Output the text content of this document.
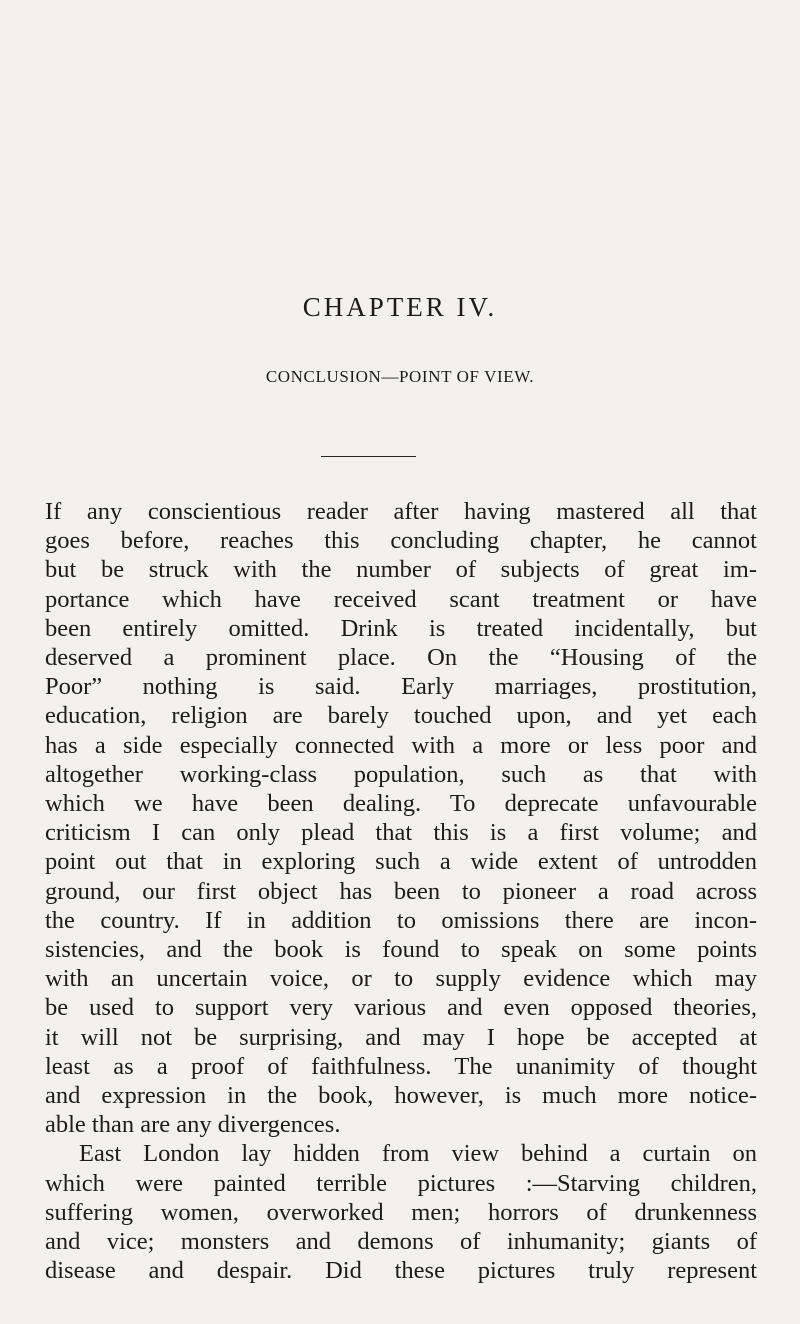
CHAPTER IV.
CONCLUSION—POINT OF VIEW.
If any conscientious reader after having mastered all that
goes before, reaches this concluding chapter, he cannot
but be struck with the number of subjects of great im-
portance which have received scant treatment or have
been entirely omitted. Drink is treated incidentally, but
deserved a prominent place. On the “Housing of the
Poor” nothing is said. Early marriages, prostitution,
education, religion are barely touched upon, and yet each
has a side especially connected with a more or less poor and
altogether working-class population, such as that with
which we have been dealing. To deprecate unfavourable
criticism I can only plead that this is a first volume; and
point out that in exploring such a wide extent of untrodden
ground, our first object has been to pioneer a road across
the country. If in addition to omissions there are incon-
sistencies, and the book is found to speak on some points
with an uncertain voice, or to supply evidence which may
be used to support very various and even opposed theories,
it will not be surprising, and may I hope be accepted at
least as a proof of faithfulness. The unanimity of thought
and expression in the book, however, is much more notice-
able than are any divergences.
East London lay hidden from view behind a curtain on
which were painted terrible pictures :—Starving children,
suffering women, overworked men; horrors of drunkenness
and vice; monsters and demons of inhumanity; giants of
disease and despair. Did these pictures truly represent
